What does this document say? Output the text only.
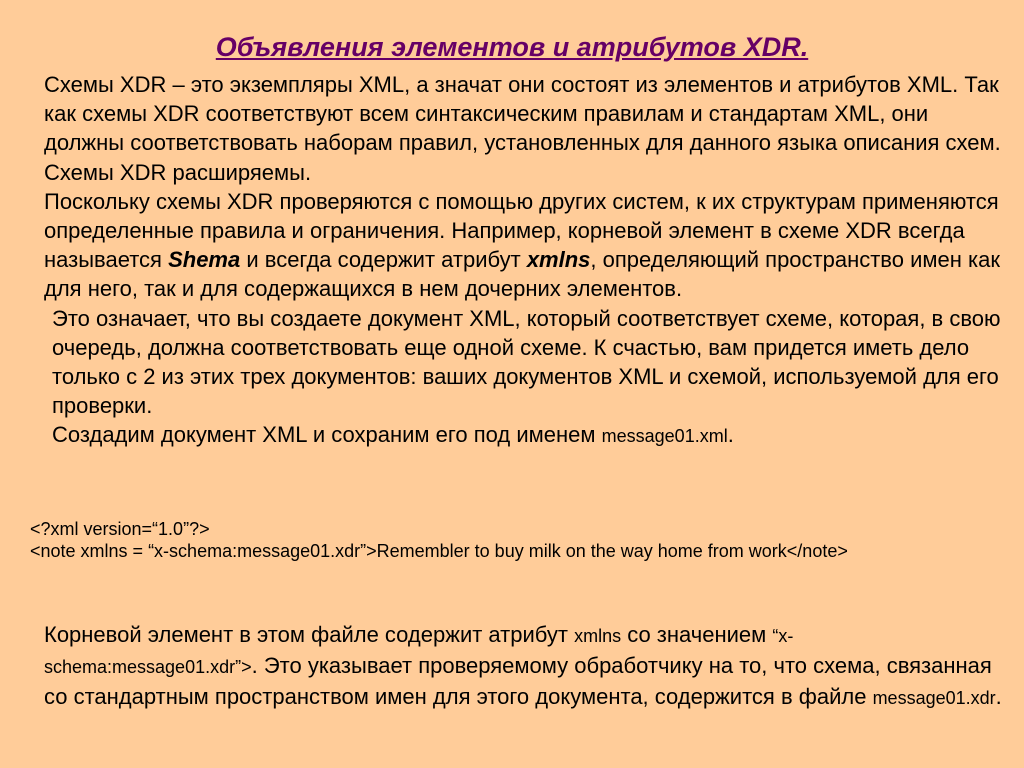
Объявления элементов и атрибутов XDR.

Схемы XDR – это экземпляры XML, а значат они состоят из элементов и атрибутов XML. Так как схемы XDR соответствуют всем синтаксическим правилам и стандартам XML, они должны соответствовать наборам правил, установленных для данного языка описания схем. Схемы XDR расширяемы.

Поскольку схемы XDR проверяются с помощью других систем, к их структурам применяются определенные правила и ограничения. Например, корневой элемент в схеме XDR всегда называется Shema и всегда содержит атрибут xmlns, определяющий пространство имен как для него, так и для содержащихся в нем дочерних элементов.

Это означает, что вы создаете документ XML, который соответствует схеме, которая, в свою очередь, должна соответствовать еще одной схеме. К счастью, вам придется иметь дело только с 2 из этих трех документов: ваших документов XML и схемой, используемой для его проверки.

Создадим документ XML и сохраним его под именем message01.xml.

<?xml version=“1.0”?>

<note xmlns = “x-schema:message01.xdr”>Remembler to buy milk on the way home from work</note>

Корневой элемент в этом файле содержит атрибут xmlns со значением “x-schema:message01.xdr”>. Это указывает проверяемому обработчику на то, что схема, связанная со стандартным пространством имен для этого документа, содержится в файле message01.xdr.
